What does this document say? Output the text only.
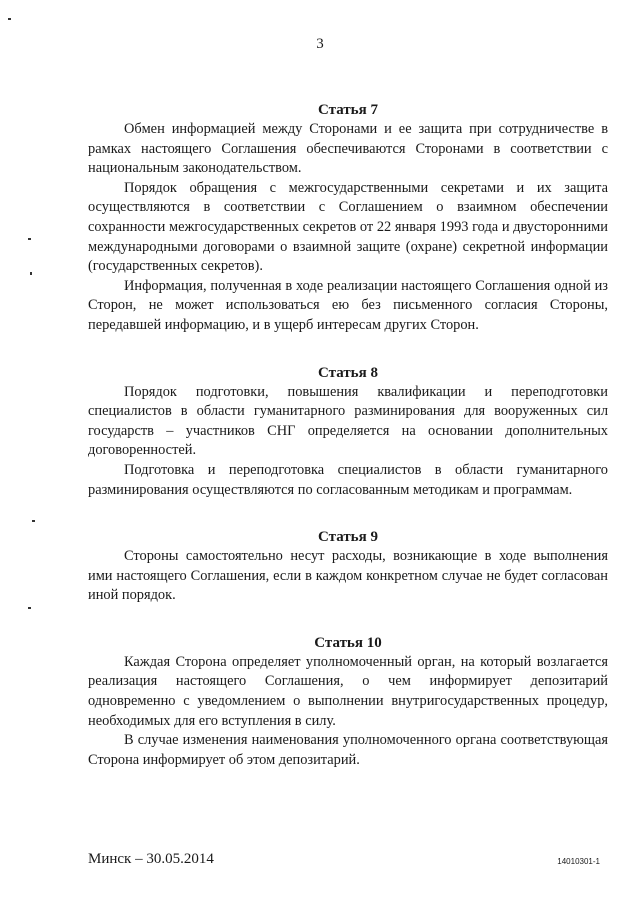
3
Статья 7

Обмен информацией между Сторонами и ее защита при сотрудничестве в рамках настоящего Соглашения обеспечиваются Сторонами в соответствии с национальным законодательством.

Порядок обращения с межгосударственными секретами и их защита осуществляются в соответствии с Соглашением о взаимном обеспечении сохранности межгосударственных секретов от 22 января 1993 года и двусторонними международными договорами о взаимной защите (охране) секретной информации (государственных секретов).

Информация, полученная в ходе реализации настоящего Соглашения одной из Сторон, не может использоваться ею без письменного согласия Стороны, передавшей информацию, и в ущерб интересам других Сторон.

Статья 8

Порядок подготовки, повышения квалификации и переподготовки специалистов в области гуманитарного разминирования для вооруженных сил государств – участников СНГ определяется на основании дополнительных договоренностей.

Подготовка и переподготовка специалистов в области гуманитарного разминирования осуществляются по согласованным методикам и программам.

Статья 9

Стороны самостоятельно несут расходы, возникающие в ходе выполнения ими настоящего Соглашения, если в каждом конкретном случае не будет согласован иной порядок.

Статья 10

Каждая Сторона определяет уполномоченный орган, на который возлагается реализация настоящего Соглашения, о чем информирует депозитарий одновременно с уведомлением о выполнении внутригосударственных процедур, необходимых для его вступления в силу.

В случае изменения наименования уполномоченного органа соответствующая Сторона информирует об этом депозитарий.

Минск – 30.05.2014	14010301-1
